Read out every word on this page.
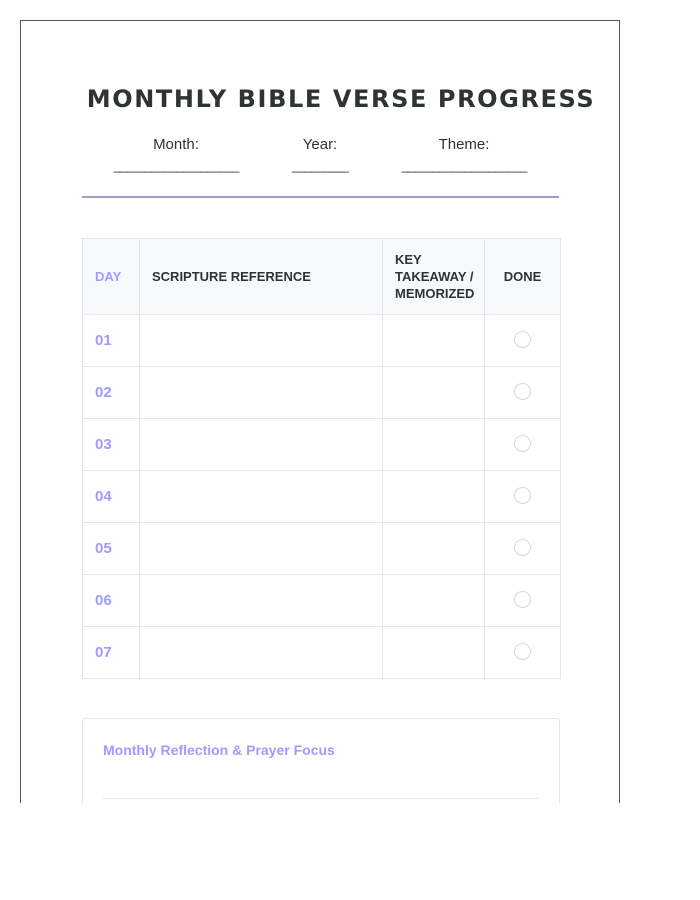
MONTHLY BIBLE VERSE PROGRESS
Month:
____________________
Year:
_________
Theme:
____________________
DAY	SCRIPTURE REFERENCE	KEY TAKEAWAY / MEMORIZED	DONE
01			
02			
03			
04			
05			
06			
07			
Monthly Reflection & Prayer Focus
